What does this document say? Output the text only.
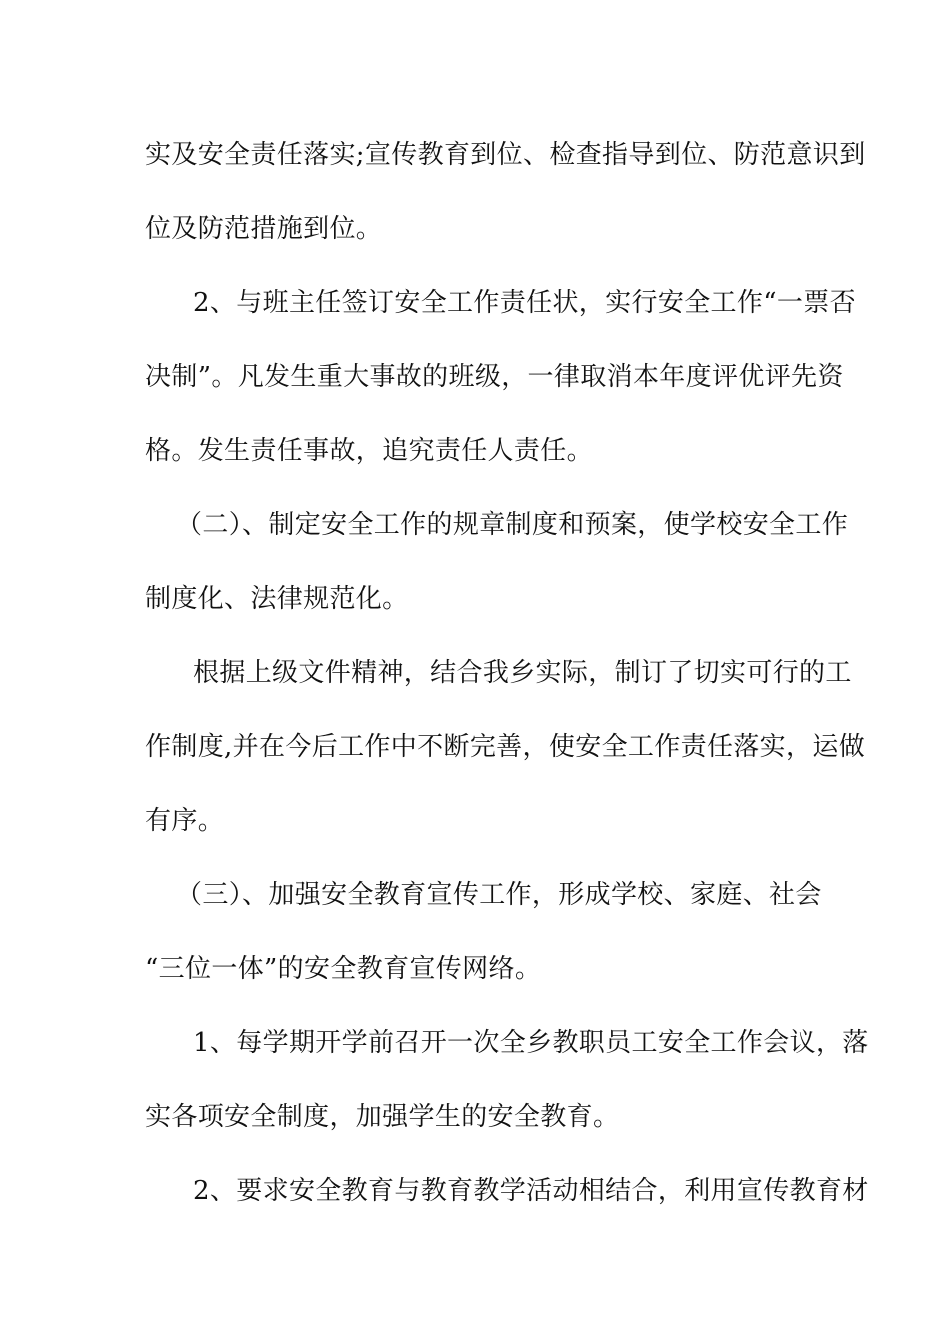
实及安全责任落实;宣传教育到位、检查指导到位、防范意识到

位及防范措施到位。

2、与班主任签订安全工作责任状，实行安全工作“一票否

决制”。凡发生重大事故的班级，一律取消本年度评优评先资

格。发生责任事故，追究责任人责任。

（二）、制定安全工作的规章制度和预案，使学校安全工作

制度化、法律规范化。

根据上级文件精神，结合我乡实际，制订了切实可行的工

作制度,并在今后工作中不断完善，使安全工作责任落实，运做

有序。

（三）、加强安全教育宣传工作，形成学校、家庭、社会

“三位一体”的安全教育宣传网络。

1、每学期开学前召开一次全乡教职员工安全工作会议，落

实各项安全制度，加强学生的安全教育。

2、要求安全教育与教育教学活动相结合，利用宣传教育材
